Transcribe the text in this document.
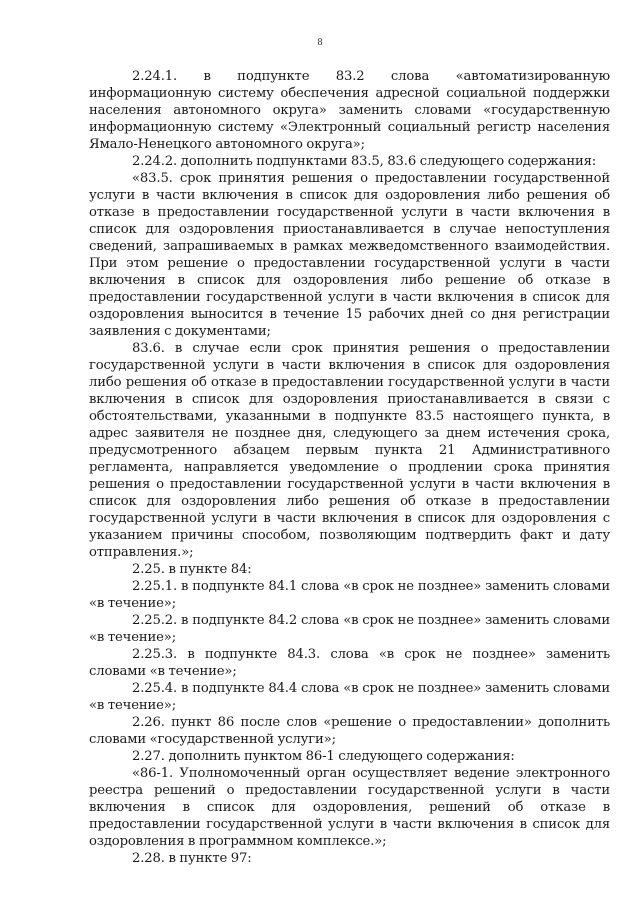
8

2.24.1. в подпункте 83.2 слова «автоматизированную информационную систему обеспечения адресной социальной поддержки населения автономного округа» заменить словами «государственную информационную систему «Электронный социальный регистр населения Ямало-Ненецкого автономного округа»;

2.24.2. дополнить подпунктами 83.5, 83.6 следующего содержания:

«83.5. срок принятия решения о предоставлении государственной услуги в части включения в список для оздоровления либо решения об отказе в предоставлении государственной услуги в части включения в список для оздоровления приостанавливается в случае непоступления сведений, запрашиваемых в рамках межведомственного взаимодействия. При этом решение о предоставлении государственной услуги в части включения в список для оздоровления либо решение об отказе в предоставлении государственной услуги в части включения в список для оздоровления выносится в течение 15 рабочих дней со дня регистрации заявления с документами;

83.6. в случае если срок принятия решения о предоставлении государственной услуги в части включения в список для оздоровления либо решения об отказе в предоставлении государственной услуги в части включения в список для оздоровления приостанавливается в связи с обстоятельствами, указанными в подпункте 83.5 настоящего пункта, в адрес заявителя не позднее дня, следующего за днем истечения срока, предусмотренного абзацем первым пункта 21 Административного регламента, направляется уведомление о продлении срока принятия решения о предоставлении государственной услуги в части включения в список для оздоровления либо решения об отказе в предоставлении государственной услуги в части включения в список для оздоровления с указанием причины способом, позволяющим подтвердить факт и дату отправления.»;

2.25. в пункте 84:

2.25.1. в подпункте 84.1 слова «в срок не позднее» заменить словами «в течение»;

2.25.2. в подпункте 84.2 слова «в срок не позднее» заменить словами «в течение»;

2.25.3. в подпункте 84.3. слова «в срок не позднее» заменить словами «в течение»;

2.25.4. в подпункте 84.4 слова «в срок не позднее» заменить словами «в течение»;

2.26. пункт 86 после слов «решение о предоставлении» дополнить словами «государственной услуги»;

2.27. дополнить пунктом 86-1 следующего содержания:

«86-1. Уполномоченный орган осуществляет ведение электронного реестра решений о предоставлении государственной услуги в части включения в список для оздоровления, решений об отказе в предоставлении государственной услуги в части включения в список для оздоровления в программном комплексе.»;

2.28. в пункте 97:
